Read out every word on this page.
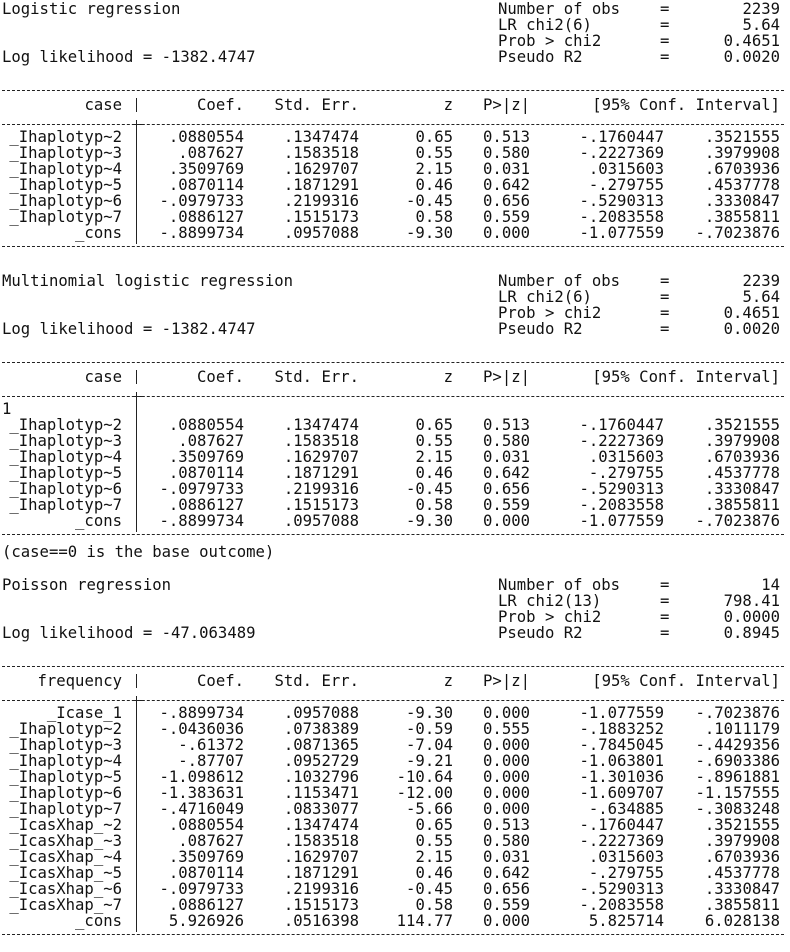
Logistic regression
Log likelihood = -1382.4747
Number of obs	=	2239
LR chi2(6)	=	5.64
Prob > chi2	=	0.4651
Pseudo R2	=	0.0020
case	Coef. Std. Err.	z P>|z|	[95% Conf. Interval]
_Ihaplotyp~2	.0880554	.1347474	0.65 0.513	-.1760447	.3521555
_Ihaplotyp~3	.087627	.1583518	0.55 0.580	-.2227369	.3979908
_Ihaplotyp~4	.3509769	.1629707	2.15 0.031	.0315603	.6703936
_Ihaplotyp~5	.0870114	.1871291	0.46 0.642	-.279755	.4537778
_Ihaplotyp~6 -.0979733	.2199316	-0.45 0.656	-.5290313	.3330847
_Ihaplotyp~7	.0886127	.1515173	0.58 0.559	-.2083558	.3855811
_cons -.8899734	.0957088	-9.30 0.000	-1.077559 -.7023876
Multinomial logistic regression
Log likelihood = -1382.4747
Number of obs	=	2239
LR chi2(6)	=	5.64
Prob > chi2	=	0.4651
Pseudo R2	=	0.0020
case	Coef. Std. Err.	z P>|z|	[95% Conf. Interval]
1
_Ihaplotyp~2	.0880554	.1347474	0.65 0.513	-.1760447	.3521555
_Ihaplotyp~3	.087627	.1583518	0.55 0.580	-.2227369	.3979908
_Ihaplotyp~4	.3509769	.1629707	2.15 0.031	.0315603	.6703936
_Ihaplotyp~5	.0870114	.1871291	0.46 0.642	-.279755	.4537778
_Ihaplotyp~6 -.0979733	.2199316	-0.45 0.656	-.5290313	.3330847
_Ihaplotyp~7	.0886127	.1515173	0.58 0.559	-.2083558	.3855811
_cons -.8899734	.0957088	-9.30 0.000	-1.077559 -.7023876
(case==0 is the base outcome)
Poisson regression
Log likelihood = -47.063489
Number of obs	=	14
LR chi2(13)	=	798.41
Prob > chi2	=	0.0000
Pseudo R2	=	0.8945
frequency	Coef. Std. Err.	z P>|z|	[95% Conf. Interval]
_Icase_1 -.8899734	.0957088	-9.30 0.000	-1.077559 -.7023876
_Ihaplotyp~2 -.0436036	.0738389	-0.59 0.555	-.1883252	.1011179
_Ihaplotyp~3	-.61372	.0871365	-7.04 0.000	-.7845045 -.4429356
_Ihaplotyp~4	-.87707	.0952729	-9.21 0.000	-1.063801 -.6903386
_Ihaplotyp~5 -1.098612	.1032796 -10.64 0.000	-1.301036 -.8961881
_Ihaplotyp~6 -1.383631	.1153471 -12.00 0.000	-1.609707 -1.157555
_Ihaplotyp~7 -.4716049	.0833077	-5.66 0.000	-.634885 -.3083248
_IcasXhap_~2	.0880554	.1347474	0.65 0.513	-.1760447	.3521555
_IcasXhap_~3	.087627	.1583518	0.55 0.580	-.2227369	.3979908
_IcasXhap_~4	.3509769	.1629707	2.15 0.031	.0315603	.6703936
_IcasXhap_~5	.0870114	.1871291	0.46 0.642	-.279755	.4537778
_IcasXhap_~6 -.0979733	.2199316	-0.45 0.656	-.5290313	.3330847
_IcasXhap_~7	.0886127	.1515173	0.58 0.559	-.2083558	.3855811
_cons	5.926926	.0516398 114.77 0.000	5.825714	6.028138
